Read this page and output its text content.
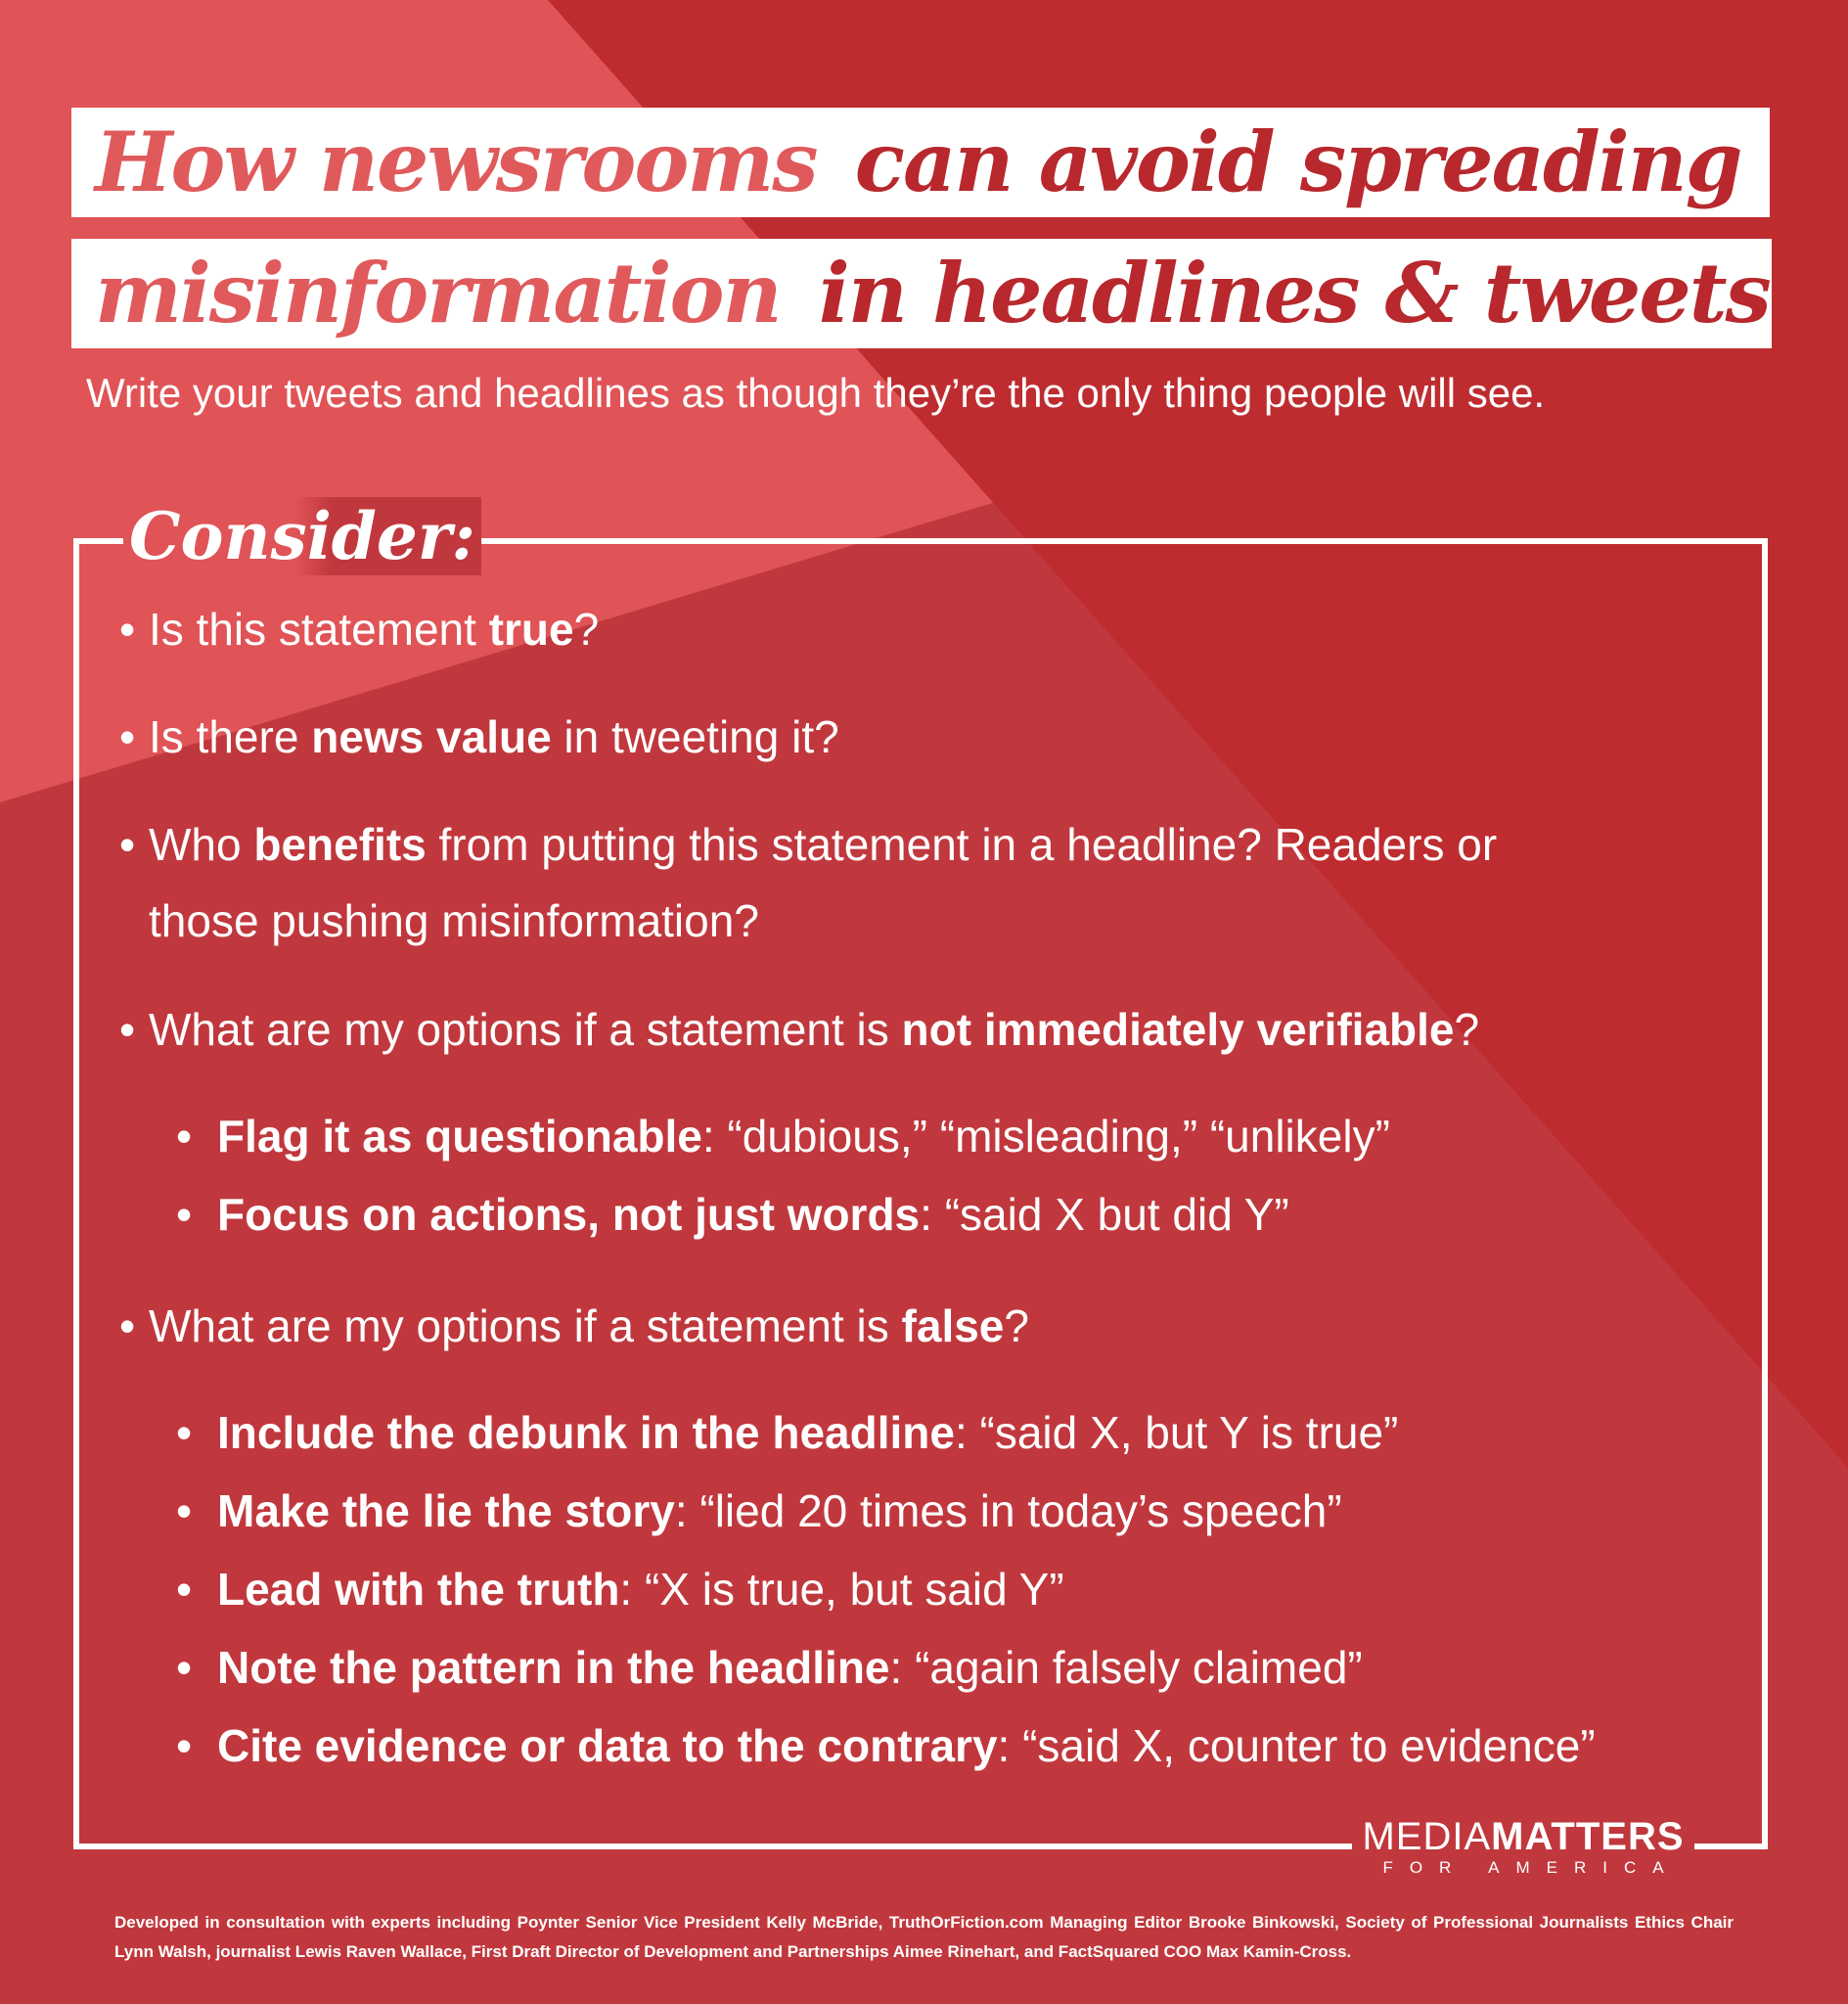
How newsrooms can avoid spreading
misinformation in headlines & tweets
Write your tweets and headlines as though they’re the only thing people will see.
Consider:
• Is this statement true?
• Is there news value in tweeting it?
• Who benefits from putting this statement in a headline? Readers or
those pushing misinformation?
• What are my options if a statement is not immediately verifiable?
• Flag it as questionable: “dubious,” “misleading,” “unlikely”
• Focus on actions, not just words: “said X but did Y”
• What are my options if a statement is false?
• Include the debunk in the headline: “said X, but Y is true”
• Make the lie the story: “lied 20 times in today’s speech”
• Lead with the truth: “X is true, but said Y”
• Note the pattern in the headline: “again falsely claimed”
• Cite evidence or data to the contrary: “said X, counter to evidence”
MEDIAMATTERS
FOR AMERICA
Developed in consultation with experts including Poynter Senior Vice President Kelly McBride, TruthOrFiction.com Managing Editor Brooke Binkowski, Society of Professional Journalists Ethics Chair Lynn Walsh, journalist Lewis Raven Wallace, First Draft Director of Development and Partnerships Aimee Rinehart, and FactSquared COO Max Kamin-Cross.
